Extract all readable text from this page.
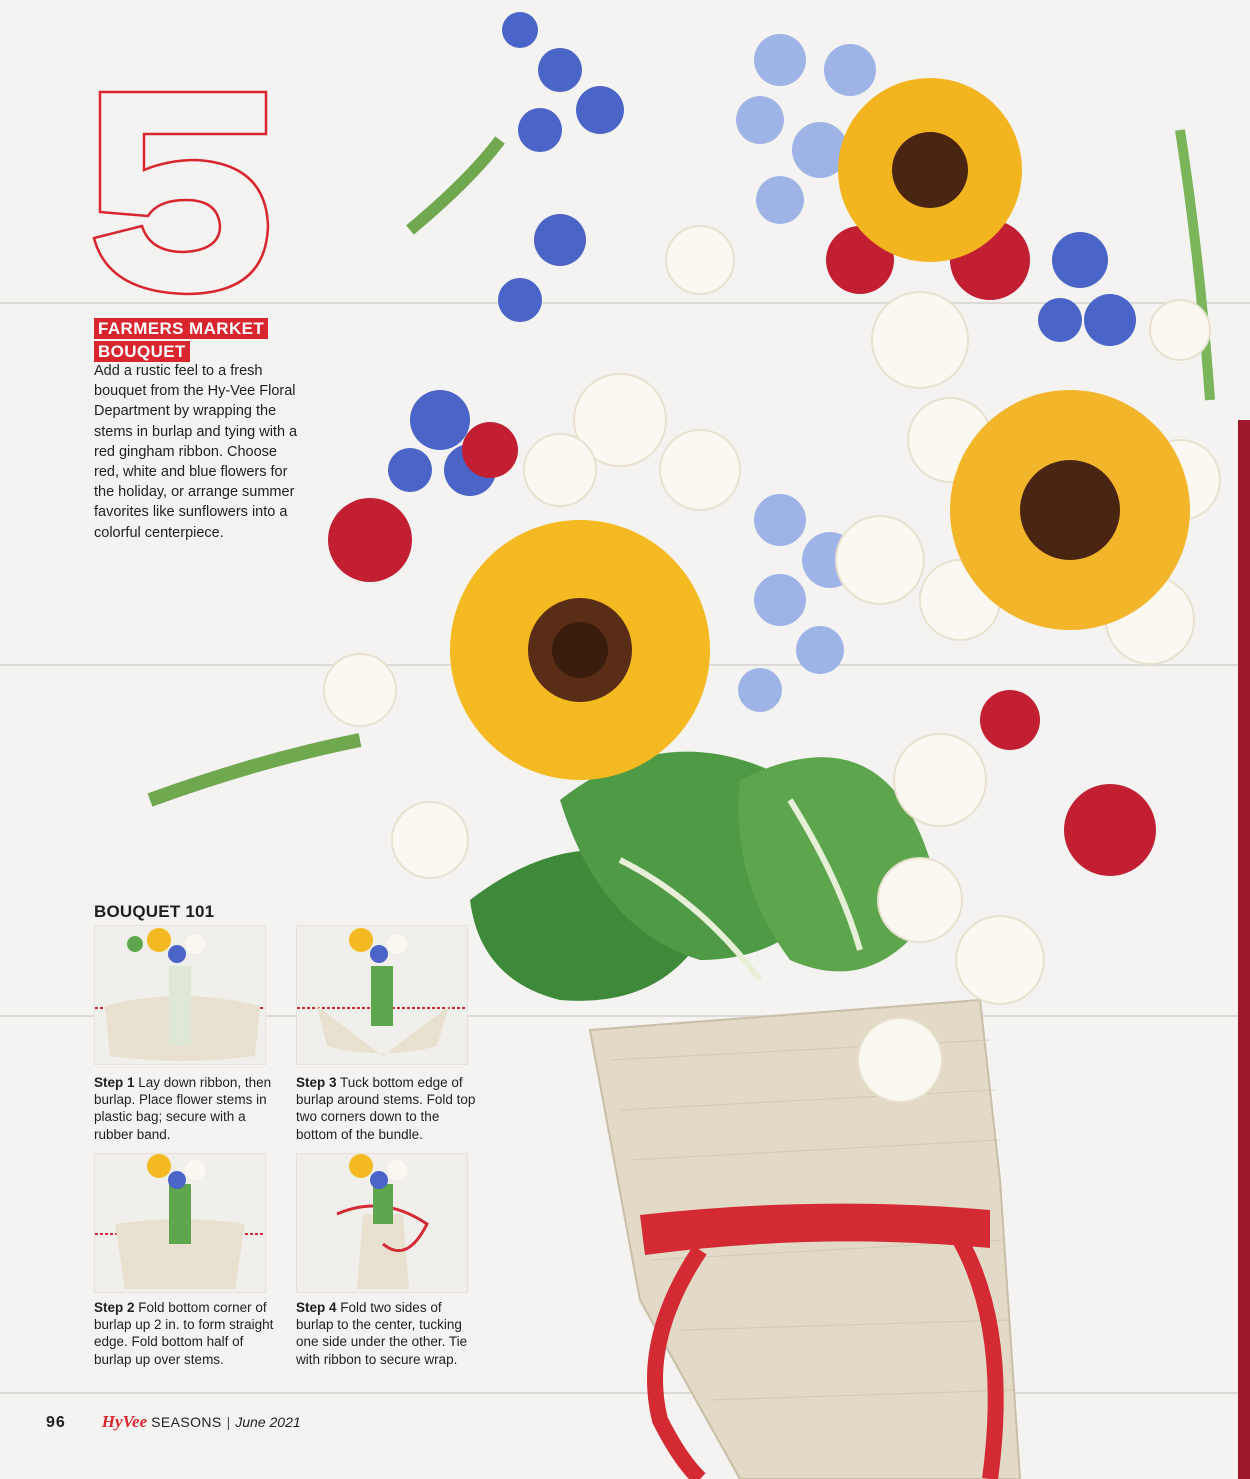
FARMERS MARKET
BOUQUET
Add a rustic feel to a fresh bouquet from the Hy-Vee Floral Department by wrapping the stems in burlap and tying with a red gingham ribbon. Choose red, white and blue flowers for the holiday, or arrange summer favorites like sunflowers into a colorful centerpiece.
BOUQUET 101
Step 1 Lay down ribbon, then burlap. Place flower stems in plastic bag; secure with a rubber band.
Step 3 Tuck bottom edge of burlap around stems. Fold top two corners down to the bottom of the bundle.
Step 2 Fold bottom corner of burlap up 2 in. to form straight edge. Fold bottom half of burlap up over stems.
Step 4 Fold two sides of burlap to the center, tucking one side under the other. Tie with ribbon to secure wrap.
96 HyVee SEASONS | June 2021
